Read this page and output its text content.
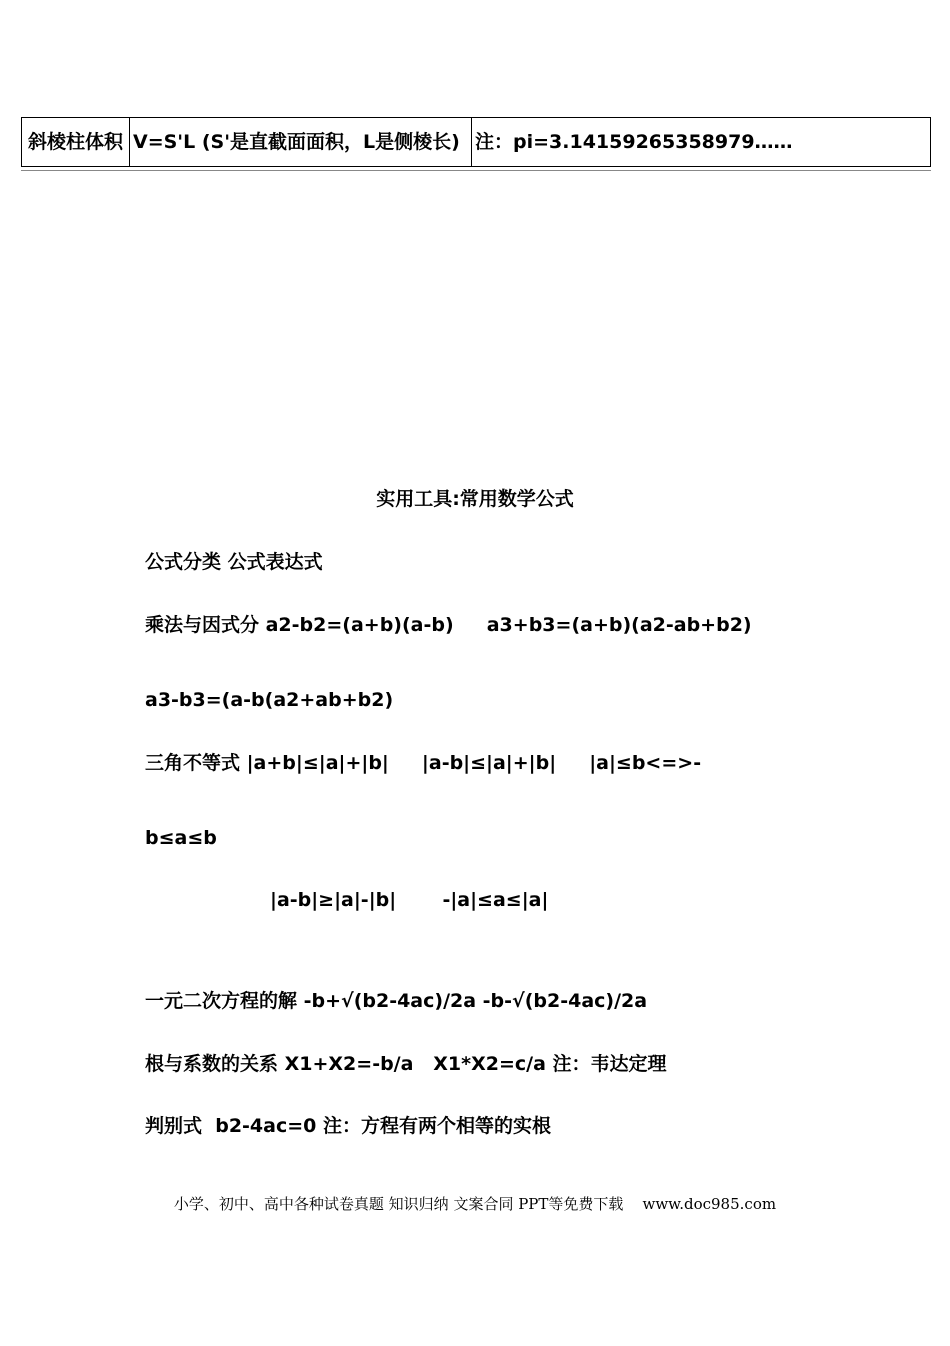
斜棱柱体积	V=S'L (S'是直截面面积，L是侧棱长)	注：pi=3.14159265358979……
实用工具:常用数学公式
公式分类 公式表达式
乘法与因式分 a2-b2=(a+b)(a-b)     a3+b3=(a+b)(a2-ab+b2)
a3-b3=(a-b(a2+ab+b2)
三角不等式 |a+b|≤|a|+|b|     |a-b|≤|a|+|b|     |a|≤b<=>-
b≤a≤b
|a-b|≥|a|-|b|       -|a|≤a≤|a|
一元二次方程的解 -b+√(b2-4ac)/2a -b-√(b2-4ac)/2a
根与系数的关系 X1+X2=-b/a   X1*X2=c/a 注：韦达定理
判别式  b2-4ac=0 注：方程有两个相等的实根
小学、初中、高中各种试卷真题 知识归纳 文案合同 PPT等免费下载    www.doc985.com
